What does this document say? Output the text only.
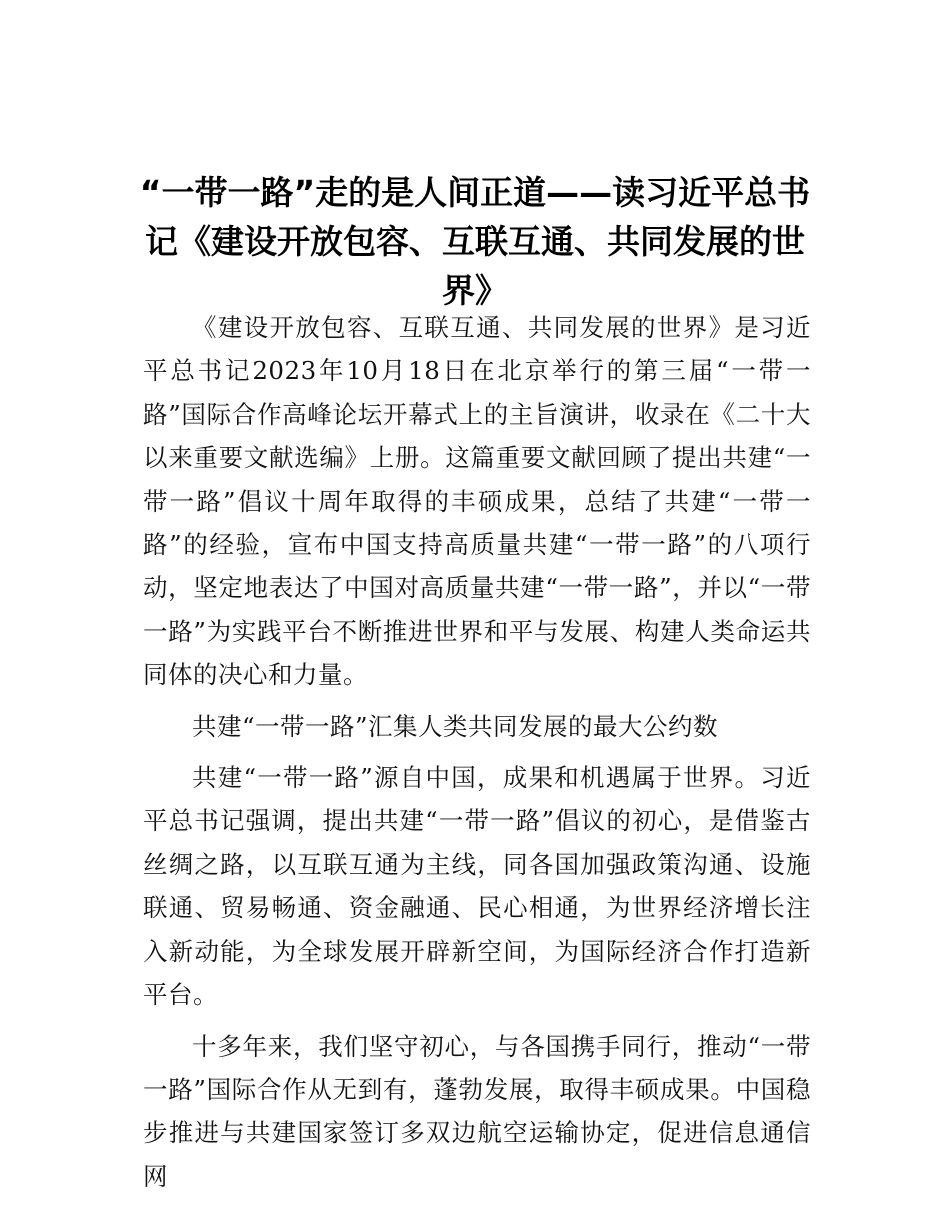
“一带一路”走的是人间正道——读习近平总书记《建设开放包容、互联互通、共同发展的世界》

《建设开放包容、互联互通、共同发展的世界》是习近平总书记2023年10月18日在北京举行的第三届“一带一路”国际合作高峰论坛开幕式上的主旨演讲，收录在《二十大以来重要文献选编》上册。这篇重要文献回顾了提出共建“一带一路”倡议十周年取得的丰硕成果，总结了共建“一带一路”的经验，宣布中国支持高质量共建“一带一路”的八项行动，坚定地表达了中国对高质量共建“一带一路”，并以“一带一路”为实践平台不断推进世界和平与发展、构建人类命运共同体的决心和力量。

共建“一带一路”汇集人类共同发展的最大公约数

共建“一带一路”源自中国，成果和机遇属于世界。习近平总书记强调，提出共建“一带一路”倡议的初心，是借鉴古丝绸之路，以互联互通为主线，同各国加强政策沟通、设施联通、贸易畅通、资金融通、民心相通，为世界经济增长注入新动能，为全球发展开辟新空间，为国际经济合作打造新平台。

十多年来，我们坚守初心，与各国携手同行，推动“一带一路”国际合作从无到有，蓬勃发展，取得丰硕成果。中国稳步推进与共建国家签订多双边航空运输协定，促进信息通信网
